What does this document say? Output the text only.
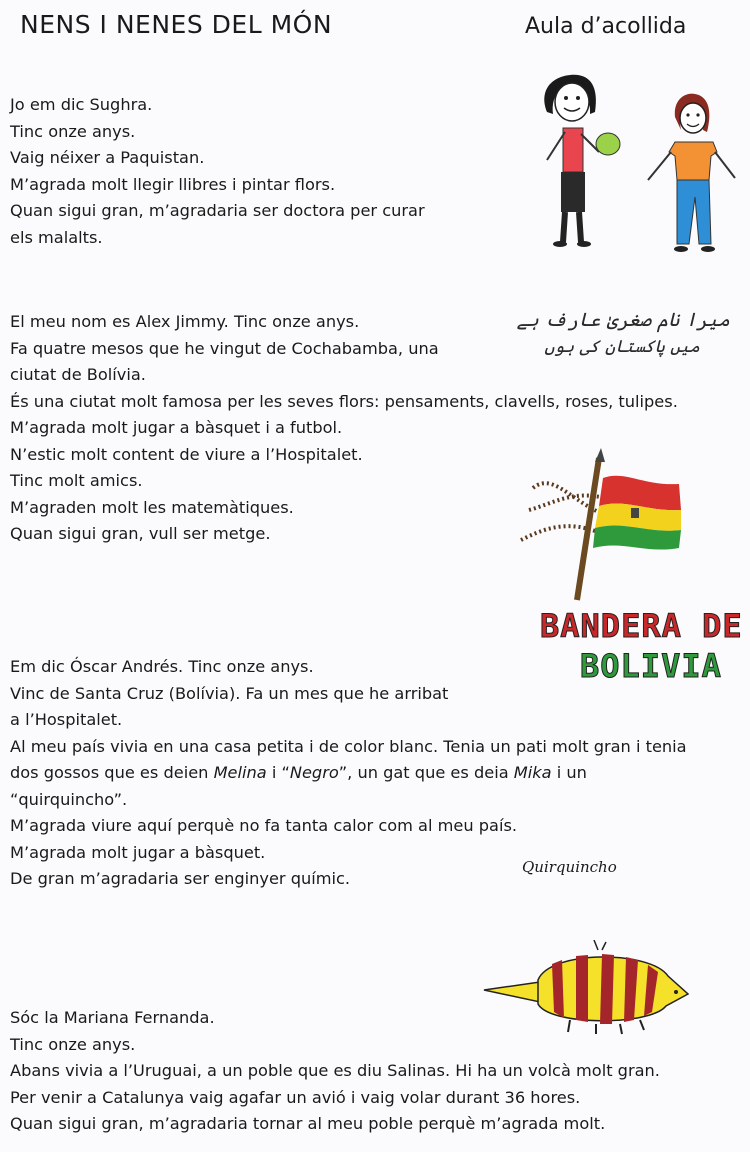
NENS I NENES DEL MÓN	Aula d’acollida
Jo em dic Sughra.
Tinc onze anys.
Vaig néixer a Paquistan.
M’agrada molt llegir llibres i pintar flors.
Quan sigui gran, m’agradaria ser doctora per curar
els malalts.
El meu nom es Alex Jimmy. Tinc onze anys.
Fa quatre mesos que he vingut de Cochabamba, una
ciutat de Bolívia.
És una ciutat molt famosa per les seves flors: pensaments, clavells, roses, tulipes.
M’agrada molt jugar a bàsquet i a futbol.
N’estic molt content de viure a l’Hospitalet.
Tinc molt amics.
M’agraden molt les matemàtiques.
Quan sigui gran, vull ser metge.
Em dic Óscar Andrés. Tinc onze anys.
Vinc de Santa Cruz (Bolívia). Fa un mes que he arribat
a l’Hospitalet.
Al meu país vivia en una casa petita i de color blanc. Tenia un pati molt gran i tenia
dos gossos que es deien Melina i “Negro”, un gat que es deia Mika i un
“quirquincho”.
M’agrada viure aquí perquè no fa tanta calor com al meu país.
M’agrada molt jugar a bàsquet.
De gran m’agradaria ser enginyer químic.
Sóc la Mariana Fernanda.
Tinc onze anys.
Abans vivia a l’Uruguai, a un poble que es diu Salinas. Hi ha un volcà molt gran.
Per venir a Catalunya vaig agafar un avió i vaig volar durant 36 hores.
Quan sigui gran, m’agradaria tornar al meu poble perquè m’agrada molt.
میرا نام صغریٰ عارف ہے
میں پاکستان کی ہوں
BANDERA DE
BOLIVIA
Quirquincho
